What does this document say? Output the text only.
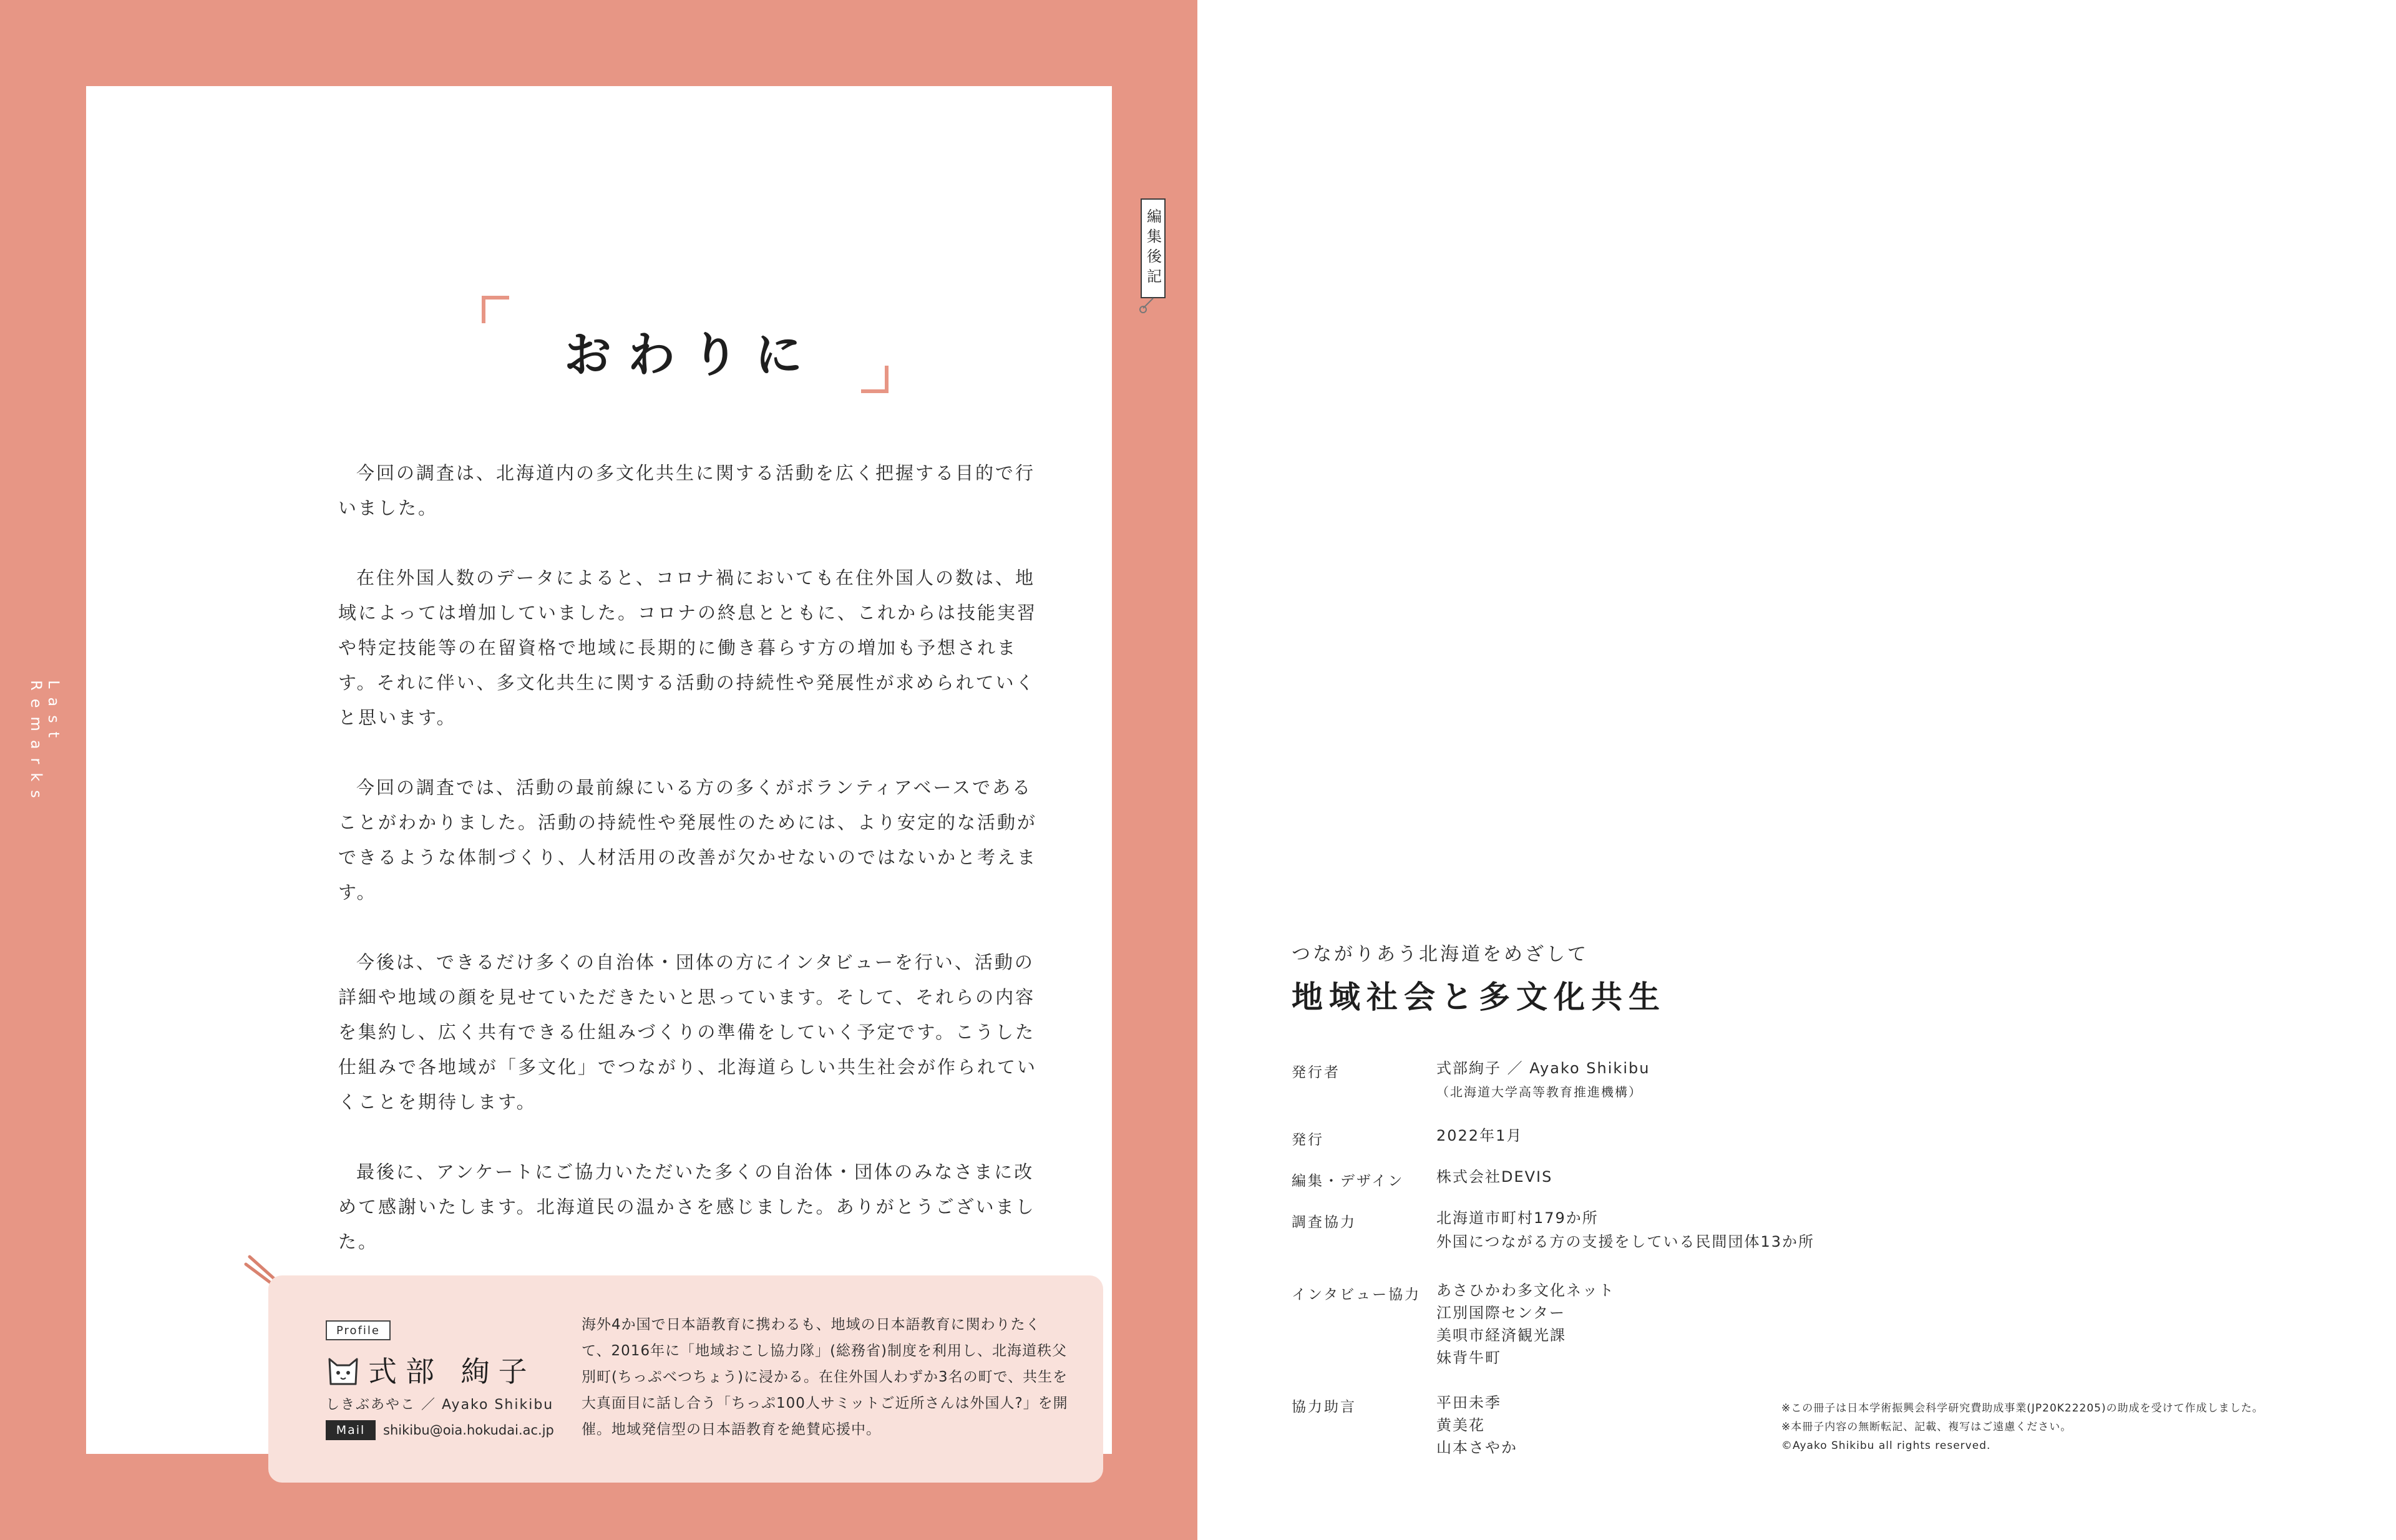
Last Remarks
編集後記
おわりに

今回の調査は、北海道内の多文化共生に関する活動を広く把握する目的で行いました。

在住外国人数のデータによると、コロナ禍においても在住外国人の数は、地域によっては増加していました。コロナの終息とともに、これからは技能実習や特定技能等の在留資格で地域に長期的に働き暮らす方の増加も予想されます。それに伴い、多文化共生に関する活動の持続性や発展性が求められていくと思います。

今回の調査では、活動の最前線にいる方の多くがボランティアベースであることがわかりました。活動の持続性や発展性のためには、より安定的な活動ができるような体制づくり、人材活用の改善が欠かせないのではないかと考えます。

今後は、できるだけ多くの自治体・団体の方にインタビューを行い、活動の詳細や地域の顔を見せていただきたいと思っています。そして、それらの内容を集約し、広く共有できる仕組みづくりの準備をしていく予定です。こうした仕組みで各地域が「多文化」でつながり、北海道らしい共生社会が作られていくことを期待します。

最後に、アンケートにご協力いただいた多くの自治体・団体のみなさまに改めて感謝いたします。北海道民の温かさを感じました。ありがとうございました。

Profile
式部 絢子
しきぶあやこ ／ Ayako Shikibu
Mail	shikibu@oia.hokudai.ac.jp
海外4か国で日本語教育に携わるも、地域の日本語教育に関わりたくて、2016年に「地域おこし協力隊」(総務省)制度を利用し、北海道秩父別町(ちっぷべつちょう)に浸かる。在住外国人わずか3名の町で、共生を大真面目に話し合う「ちっぷ100人サミットご近所さんは外国人?」を開催。地域発信型の日本語教育を絶賛応援中。
つながりあう北海道をめざして
地域社会と多文化共生
発行者	式部絢子 ／ Ayako Shikibu
（北海道大学高等教育推進機構）
発行	2022年1月
編集・デザイン 株式会社DEVIS
調査協力	北海道市町村179か所
外国につながる方の支援をしている民間団体13か所
インタビュー協力 あさひかわ多文化ネット
江別国際センター
美唄市経済観光課
妹背牛町
協力助言	平田未季
黄美花
山本さやか
※この冊子は日本学術振興会科学研究費助成事業(JP20K22205)の助成を受けて作成しました。
※本冊子内容の無断転記、記載、複写はご遠慮ください。
©Ayako Shikibu all rights reserved.
